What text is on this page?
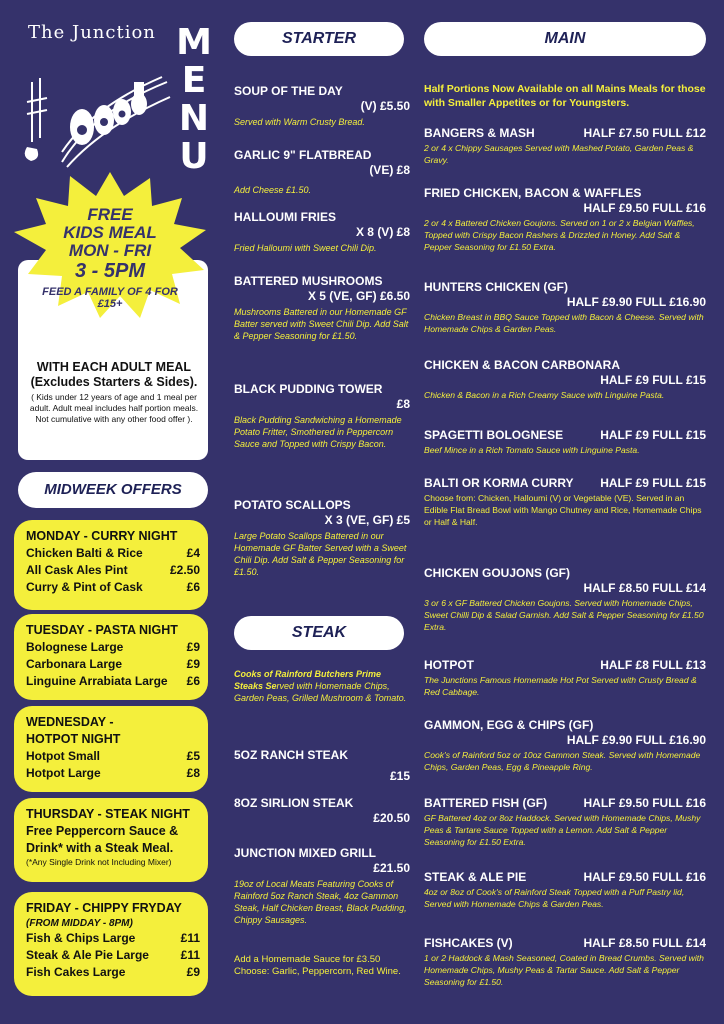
The Junction M
E
N
U
FREE
KIDS MEAL
MON - FRI
3 - 5PM
FEED A FAMILY OF 4 FOR £15+
WITH EACH ADULT MEAL (Excludes Starters & Sides).
( Kids under 12 years of age and 1 meal per adult. Adult meal includes half portion meals. Not cumulative with any other food offer ).
MIDWEEK OFFERS
MONDAY - CURRY NIGHT
Chicken Balti & Rice	£4
All Cask Ales Pint	£2.50
Curry & Pint of Cask	£6
TUESDAY - PASTA NIGHT
Bolognese Large	£9
Carbonara Large	£9
Linguine Arrabiata Large £6
WEDNESDAY -
HOTPOT NIGHT
Hotpot Small	£5
Hotpot Large	£8
THURSDAY - STEAK NIGHT
Free Peppercorn Sauce &
Drink* with a Steak Meal.
(*Any Single Drink not Including Mixer)
FRIDAY - CHIPPY FRYDAY
(FROM MIDDAY - 8PM)
Fish & Chips Large	£11
Steak & Ale Pie Large	£11
Fish Cakes Large	£9
STARTER
SOUP OF THE DAY
(V) £5.50
Served with Warm Crusty Bread.
GARLIC 9" FLATBREAD
(VE) £8
Add Cheese £1.50.
HALLOUMI FRIES
X 8 (V) £8
Fried Halloumi with Sweet Chili Dip.
BATTERED MUSHROOMS
X 5 (VE, GF) £6.50
Mushrooms Battered in our Homemade GF Batter served with Sweet Chili Dip. Add Salt & Pepper Seasoning for £1.50.
BLACK PUDDING TOWER
£8
Black Pudding Sandwiching a Homemade Potato Fritter, Smothered in Peppercorn Sauce and Topped with Crispy Bacon.
POTATO SCALLOPS
X 3 (VE, GF) £5
Large Potato Scallops Battered in our Homemade GF Batter Served with a Sweet Chili Dip. Add Salt & Pepper Seasoning for £1.50.
STEAK
Cooks of Rainford Butchers Prime Steaks Served with Homemade Chips, Garden Peas, Grilled Mushroom & Tomato.
5OZ RANCH STEAK
£15
8OZ SIRLION STEAK
£20.50
JUNCTION MIXED GRILL
£21.50
19oz of Local Meats Featuring Cooks of Rainford 5oz Ranch Steak, 4oz Gammon Steak, Half Chicken Breast, Black Pudding, Chippy Sausages.
Add a Homemade Sauce for £3.50 Choose: Garlic, Peppercorn, Red Wine.
MAIN
Half Portions Now Available on all Mains Meals for those with Smaller Appetites or for Youngsters.
BANGERS & MASH	HALF £7.50 FULL £12
2 or 4 x Chippy Sausages Served with Mashed Potato, Garden Peas & Gravy.
FRIED CHICKEN, BACON & WAFFLES
HALF £9.50 FULL £16
2 or 4 x Battered Chicken Goujons. Served on 1 or 2 x Belgian Waffles, Topped with Crispy Bacon Rashers & Drizzled in Honey. Add Salt & Pepper Seasoning for £1.50 Extra.
HUNTERS CHICKEN (GF)
HALF £9.90 FULL £16.90
Chicken Breast in BBQ Sauce Topped with Bacon & Cheese. Served with Homemade Chips & Garden Peas.
CHICKEN & BACON CARBONARA
HALF £9 FULL £15
Chicken & Bacon in a Rich Creamy Sauce with Linguine Pasta.
SPAGETTI BOLOGNESE	HALF £9 FULL £15
Beef Mince in a Rich Tomato Sauce with Linguine Pasta.
BALTI OR KORMA CURRY HALF £9 FULL £15
Choose from: Chicken, Halloumi (V) or Vegetable (VE). Served in an Edible Flat Bread Bowl with Mango Chutney and Rice, Homemade Chips or Half & Half.
CHICKEN GOUJONS (GF)
HALF £8.50 FULL £14
3 or 6 x GF Battered Chicken Goujons. Served with Homemade Chips, Sweet Chilli Dip & Salad Garnish. Add Salt & Pepper Seasoning for £1.50 Extra.
HOTPOT	HALF £8 FULL £13
The Junctions Famous Homemade Hot Pot Served with Crusty Bread & Red Cabbage.
GAMMON, EGG & CHIPS (GF)
HALF £9.90 FULL £16.90
Cook's of Rainford 5oz or 10oz Gammon Steak. Served with Homemade Chips, Garden Peas, Egg & Pineapple Ring.
BATTERED FISH (GF)	HALF £9.50 FULL £16
GF Battered 4oz or 8oz Haddock. Served with Homemade Chips, Mushy Peas & Tartare Sauce Topped with a Lemon. Add Salt & Pepper Seasoning for £1.50 Extra.
STEAK & ALE PIE	HALF £9.50 FULL £16
4oz or 8oz of Cook's of Rainford Steak Topped with a Puff Pastry lid, Served with Homemade Chips & Garden Peas.
FISHCAKES (V)	HALF £8.50 FULL £14
1 or 2 Haddock & Mash Seasoned, Coated in Bread Crumbs. Served with Homemade Chips, Mushy Peas & Tartar Sauce. Add Salt & Pepper Seasoning for £1.50.
